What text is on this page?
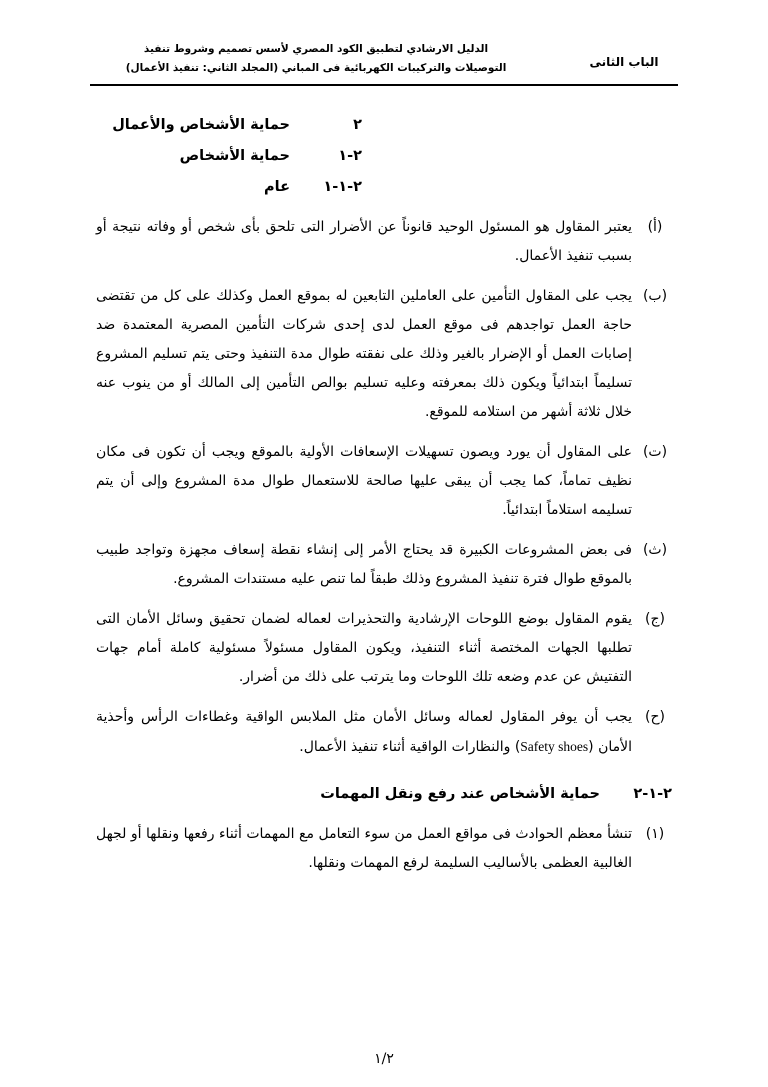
الباب الثانى
الدليل الارشادي لتطبيق الكود المصري لأسس تصميم وشروط تنفيذ
التوصيلات والتركيبات الكهربائية فى المباني (المجلد الثاني: تنفيذ الأعمال)
٢
حماية الأشخاص والأعمال
٢-١
حماية الأشخاص
٢-١-١
عام
(أ)
يعتبر المقاول هو المسئول الوحيد قانوناً عن الأضرار التى تلحق بأى شخص أو وفاته نتيجة أو بسبب تنفيذ الأعمال.
(ب)
يجب على المقاول التأمين على العاملين التابعين له بموقع العمل وكذلك على كل من تقتضى حاجة العمل تواجدهم فى موقع العمل لدى إحدى شركات التأمين المصرية المعتمدة ضد إصابات العمل أو الإضرار بالغير وذلك على نفقته طوال مدة التنفيذ وحتى يتم تسليم المشروع تسليماً ابتدائياً ويكون ذلك بمعرفته وعليه تسليم بوالص التأمين إلى المالك أو من ينوب عنه خلال ثلاثة أشهر من استلامه للموقع.
(ت)
على المقاول أن يورد ويصون تسهيلات الإسعافات الأولية بالموقع ويجب أن تكون فى مكان نظيف تماماً، كما يجب أن يبقى عليها صالحة للاستعمال طوال مدة المشروع وإلى أن يتم تسليمه استلاماً ابتدائياً.
(ث)
فى بعض المشروعات الكبيرة قد يحتاج الأمر إلى إنشاء نقطة إسعاف مجهزة وتواجد طبيب بالموقع طوال فترة تنفيذ المشروع وذلك طبقاً لما تنص عليه مستندات المشروع.
(ج)
يقوم المقاول بوضع اللوحات الإرشادية والتحذيرات لعماله لضمان تحقيق وسائل الأمان التى تطلبها الجهات المختصة أثناء التنفيذ، ويكون المقاول مسئولاً مسئولية كاملة أمام جهات التفتيش عن عدم وضعه تلك اللوحات وما يترتب على ذلك من أضرار.
(ح)
يجب أن يوفر المقاول لعماله وسائل الأمان مثل الملابس الواقية وغطاءات الرأس وأحذية الأمان (Safety shoes) والنظارات الواقية أثناء تنفيذ الأعمال.
٢-١-٢
حماية الأشخاص عند رفع ونقل المهمات
(١)
تنشأ معظم الحوادث فى مواقع العمل من سوء التعامل مع المهمات أثناء رفعها ونقلها أو لجهل الغالبية العظمى بالأساليب السليمة لرفع المهمات ونقلها.
١/٢
